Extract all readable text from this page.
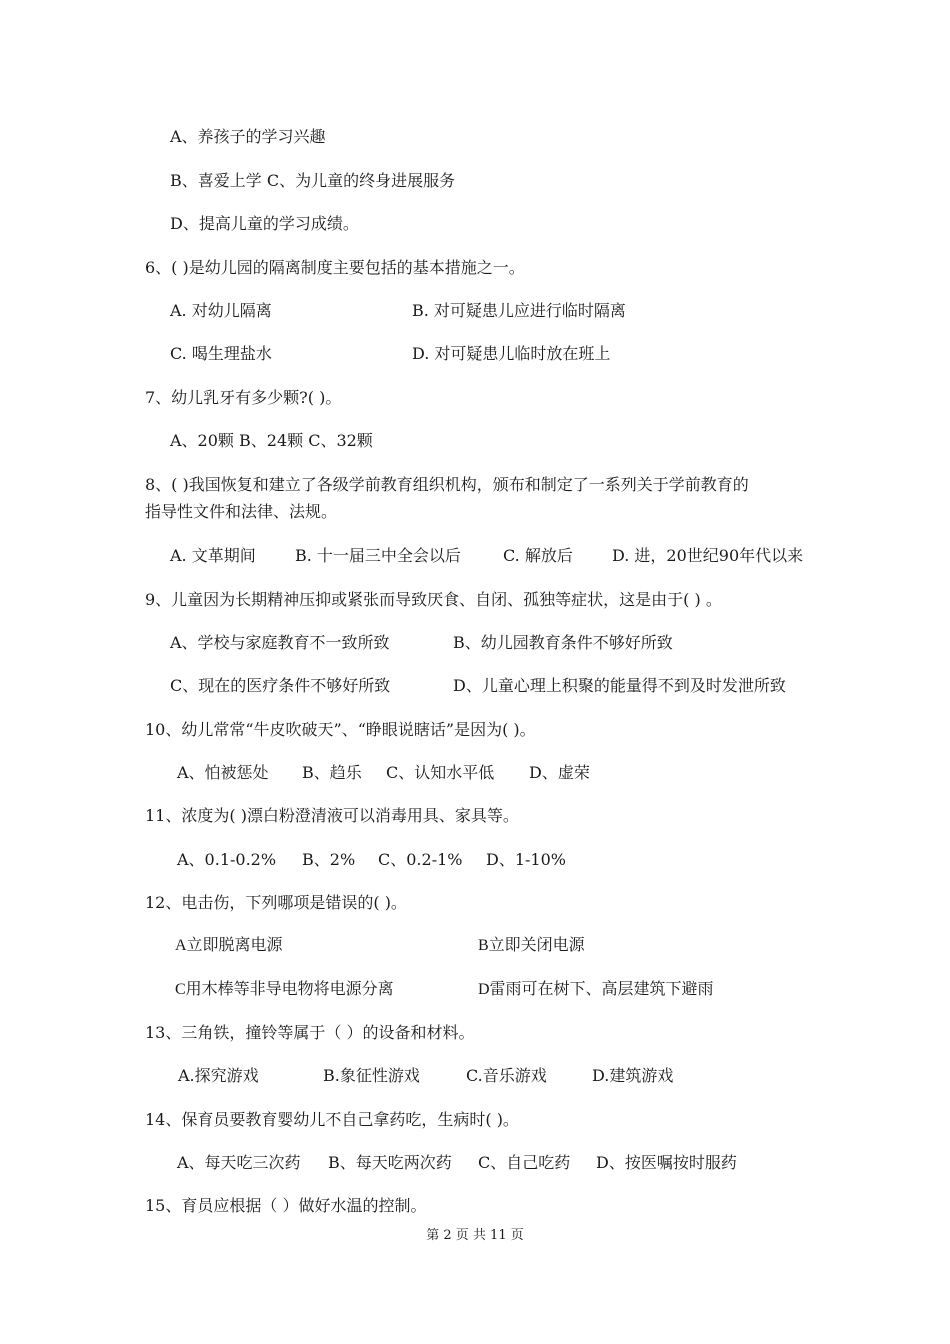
A、养孩子的学习兴趣
B、喜爱上学 C、为儿童的终身进展服务
D、提高儿童的学习成绩。
6、( )是幼儿园的隔离制度主要包括的基本措施之一。
A. 对幼儿隔离	B. 对可疑患儿应进行临时隔离
C. 喝生理盐水	D. 对可疑患儿临时放在班上
7、幼儿乳牙有多少颗?( )。
A、20颗 B、24颗 C、32颗
8、( )我国恢复和建立了各级学前教育组织机构，颁布和制定了一系列关于学前教育的
指导性文件和法律、法规。
A. 文革期间 B. 十一届三中全会以后	C. 解放后 D. 进，20世纪90年代以来
9、儿童因为长期精神压抑或紧张而导致厌食、自闭、孤独等症状，这是由于( ) 。
A、学校与家庭教育不一致所致	B、幼儿园教育条件不够好所致
C、现在的医疗条件不够好所致	D、儿童心理上积聚的能量得不到及时发泄所致
10、幼儿常常“牛皮吹破天”、“睁眼说瞎话”是因为( )。
A、怕被惩处 B、趋乐 C、认知水平低 D、虚荣
11、浓度为( )漂白粉澄清液可以消毒用具、家具等。
A、0.1-0.2% B、2% C、0.2-1% D、1-10%
12、电击伤，下列哪项是错误的( )。
A立即脱离电源	B立即关闭电源
C用木棒等非导电物将电源分离	D雷雨可在树下、高层建筑下避雨
13、三角铁，撞铃等属于（ ）的设备和材料。
A.探究游戏	B.象征性游戏	C.音乐游戏	D.建筑游戏
14、保育员要教育婴幼儿不自己拿药吃，生病时( )。
A、每天吃三次药 B、每天吃两次药 C、自己吃药 D、按医嘱按时服药
15、育员应根据（ ）做好水温的控制。
第 2 页 共 11 页
